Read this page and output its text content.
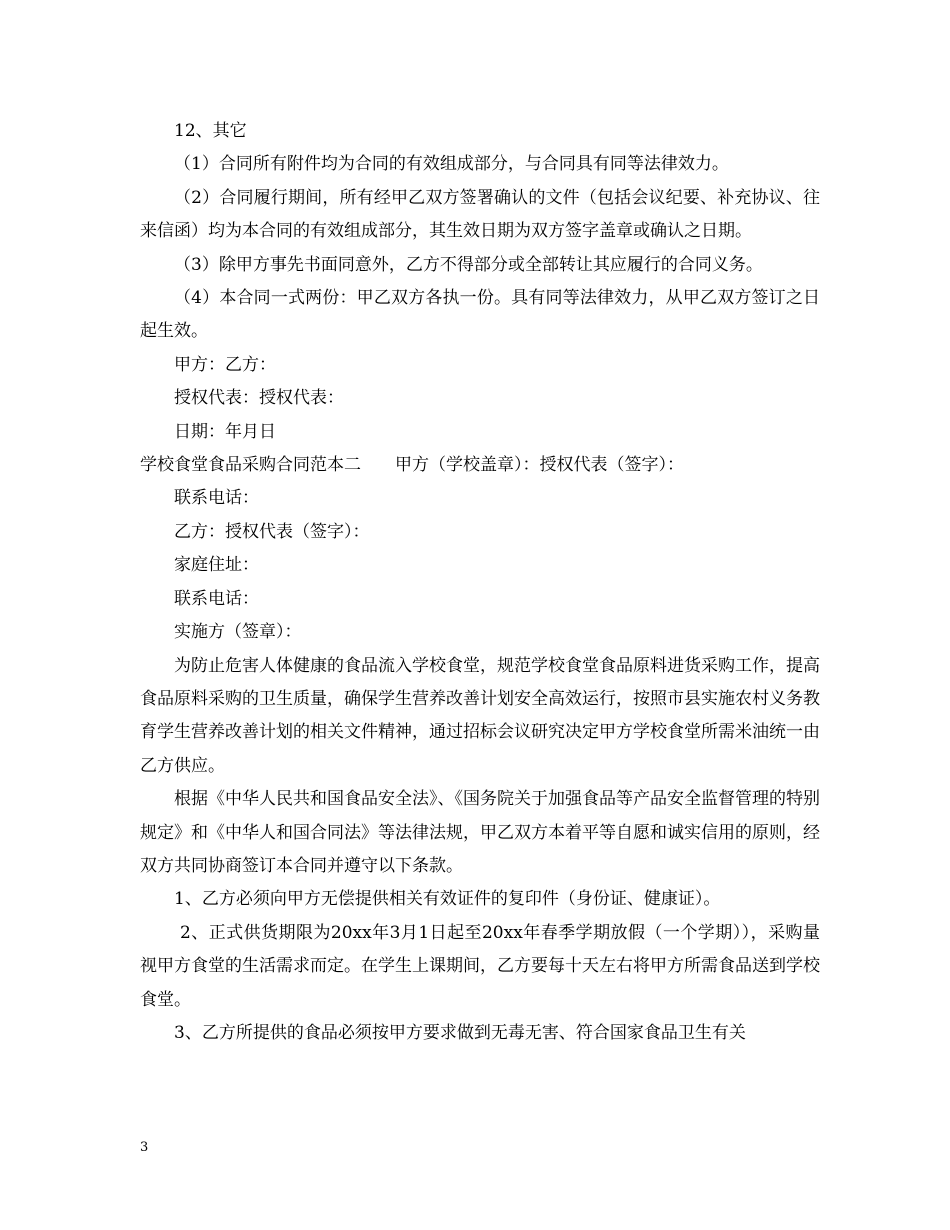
12、其它

（1）合同所有附件均为合同的有效组成部分，与合同具有同等法律效力。

（2）合同履行期间，所有经甲乙双方签署确认的文件（包括会议纪要、补充协议、往来信函）均为本合同的有效组成部分，其生效日期为双方签字盖章或确认之日期。

（3）除甲方事先书面同意外，乙方不得部分或全部转让其应履行的合同义务。

（4）本合同一式两份：甲乙双方各执一份。具有同等法律效力，从甲乙双方签订之日起生效。

甲方：乙方：

授权代表：授权代表：

日期：年月日

学校食堂食品采购合同范本二　　甲方（学校盖章）：授权代表（签字）：

联系电话：

乙方：授权代表（签字）：

家庭住址：

联系电话：

实施方（签章）：

为防止危害人体健康的食品流入学校食堂，规范学校食堂食品原料进货采购工作，提高食品原料采购的卫生质量，确保学生营养改善计划安全高效运行，按照市县实施农村义务教育学生营养改善计划的相关文件精神，通过招标会议研究决定甲方学校食堂所需米油统一由乙方供应。

根据《中华人民共和国食品安全法》、《国务院关于加强食品等产品安全监督管理的特别规定》和《中华人和国合同法》等法律法规，甲乙双方本着平等自愿和诚实信用的原则，经双方共同协商签订本合同并遵守以下条款。

1、乙方必须向甲方无偿提供相关有效证件的复印件（身份证、健康证）。

2、正式供货期限为20xx年3月1日起至20xx年春季学期放假（一个学期）），采购量视甲方食堂的生活需求而定。在学生上课期间，乙方要每十天左右将甲方所需食品送到学校食堂。

3、乙方所提供的食品必须按甲方要求做到无毒无害、符合国家食品卫生有关

3
